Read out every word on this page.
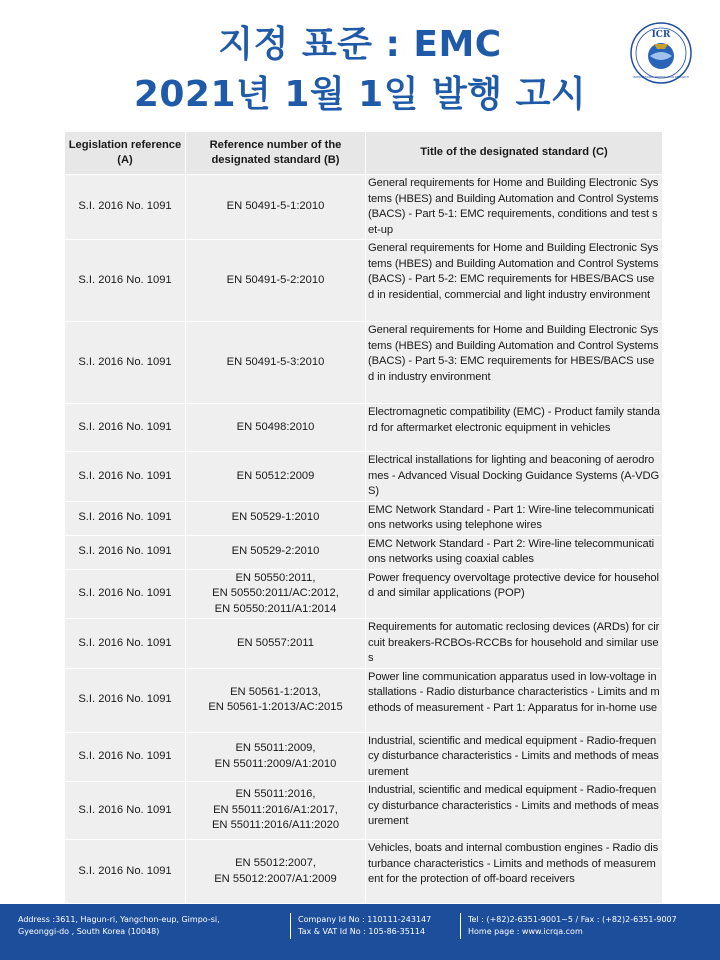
지정 표준 : EMC
2021년 1월 1일 발행 고시
ICR
INTERNATIONAL CERTIFICATION RESEARCH
Legislation reference (A)	Reference number of the designated standard (B)	Title of the designated standard (C)
S.I. 2016 No. 1091	EN 50491-5-1:2010	General requirements for Home and Building Electronic Systems (HBES) and Building Automation and Control Systems (BACS) - Part 5-1: EMC requirements, conditions and test set-up
S.I. 2016 No. 1091	EN 50491-5-2:2010	General requirements for Home and Building Electronic Systems (HBES) and Building Automation and Control Systems (BACS) - Part 5-2: EMC requirements for HBES/BACS used in residential, commercial and light industry environment
S.I. 2016 No. 1091	EN 50491-5-3:2010	General requirements for Home and Building Electronic Systems (HBES) and Building Automation and Control Systems (BACS) - Part 5-3: EMC requirements for HBES/BACS used in industry environment
S.I. 2016 No. 1091	EN 50498:2010	Electromagnetic compatibility (EMC) - Product family standard for aftermarket electronic equipment in vehicles
S.I. 2016 No. 1091	EN 50512:2009	Electrical installations for lighting and beaconing of aerodromes - Advanced Visual Docking Guidance Systems (A-VDGS)
S.I. 2016 No. 1091	EN 50529-1:2010	EMC Network Standard - Part 1: Wire-line telecommunications networks using telephone wires
S.I. 2016 No. 1091	EN 50529-2:2010	EMC Network Standard - Part 2: Wire-line telecommunications networks using coaxial cables
S.I. 2016 No. 1091	EN 50550:2011,
EN 50550:2011/AC:2012,
EN 50550:2011/A1:2014	Power frequency overvoltage protective device for household and similar applications (POP)
S.I. 2016 No. 1091	EN 50557:2011	Requirements for automatic reclosing devices (ARDs) for circuit breakers-RCBOs-RCCBs for household and similar uses
S.I. 2016 No. 1091	EN 50561-1:2013,
EN 50561-1:2013/AC:2015	Power line communication apparatus used in low-voltage installations - Radio disturbance characteristics - Limits and methods of measurement - Part 1: Apparatus for in-home use
S.I. 2016 No. 1091	EN 55011:2009,
EN 55011:2009/A1:2010	Industrial, scientific and medical equipment - Radio-frequency disturbance characteristics - Limits and methods of measurement
S.I. 2016 No. 1091	EN 55011:2016,
EN 55011:2016/A1:2017,
EN 55011:2016/A11:2020	Industrial, scientific and medical equipment - Radio-frequency disturbance characteristics - Limits and methods of measurement
S.I. 2016 No. 1091	EN 55012:2007,
EN 55012:2007/A1:2009	Vehicles, boats and internal combustion engines - Radio disturbance characteristics - Limits and methods of measurement for the protection of off-board receivers
Address :3611, Hagun-ri, Yangchon-eup, Gimpo-si,
Gyeonggi-do , South Korea (10048)
Company Id No : 110111-243147
Tax & VAT Id No : 105-86-35114
Tel : (+82)2-6351-9001~5 / Fax : (+82)2-6351-9007
Home page : www.icrqa.com
